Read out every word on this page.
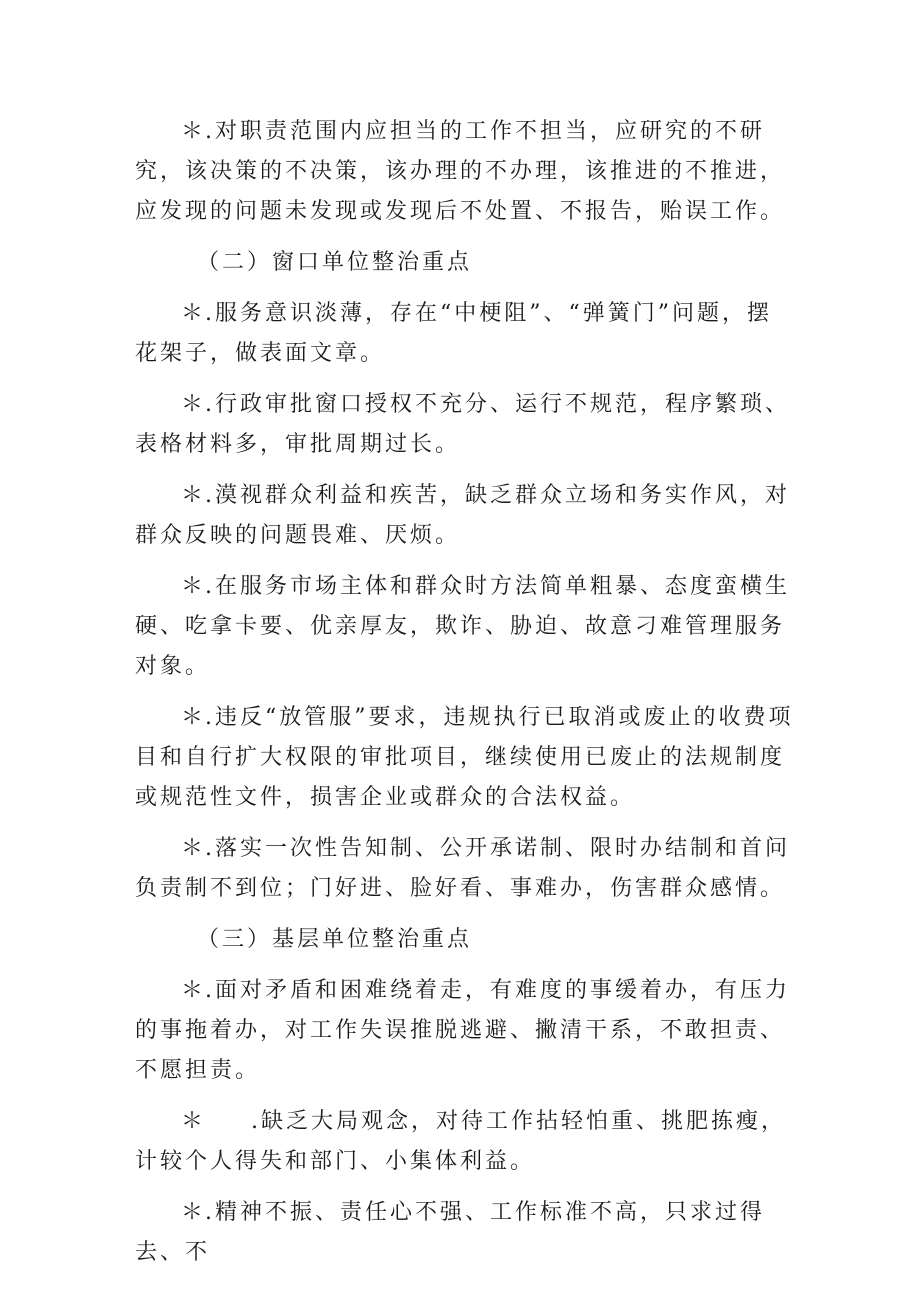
＊.对职责范围内应担当的工作不担当，应研究的不研究，该决策的不决策，该办理的不办理，该推进的不推进，应发现的问题未发现或发现后不处置、不报告，贻误工作。

（二）窗口单位整治重点

＊.服务意识淡薄，存在“中梗阻”、“弹簧门”问题，摆花架子，做表面文章。

＊.行政审批窗口授权不充分、运行不规范，程序繁琐、表格材料多，审批周期过长。

＊.漠视群众利益和疾苦，缺乏群众立场和务实作风，对群众反映的问题畏难、厌烦。

＊.在服务市场主体和群众时方法简单粗暴、态度蛮横生硬、吃拿卡要、优亲厚友，欺诈、胁迫、故意刁难管理服务对象。

＊.违反“放管服”要求，违规执行已取消或废止的收费项目和自行扩大权限的审批项目，继续使用已废止的法规制度或规范性文件，损害企业或群众的合法权益。

＊.落实一次性告知制、公开承诺制、限时办结制和首问负责制不到位；门好进、脸好看、事难办，伤害群众感情。

（三）基层单位整治重点

＊.面对矛盾和困难绕着走，有难度的事缓着办，有压力的事拖着办，对工作失误推脱逃避、撇清干系，不敢担责、不愿担责。

＊ .缺乏大局观念，对待工作拈轻怕重、挑肥拣瘦，计较个人得失和部门、小集体利益。

＊.精神不振、责任心不强、工作标准不高，只求过得去、不
